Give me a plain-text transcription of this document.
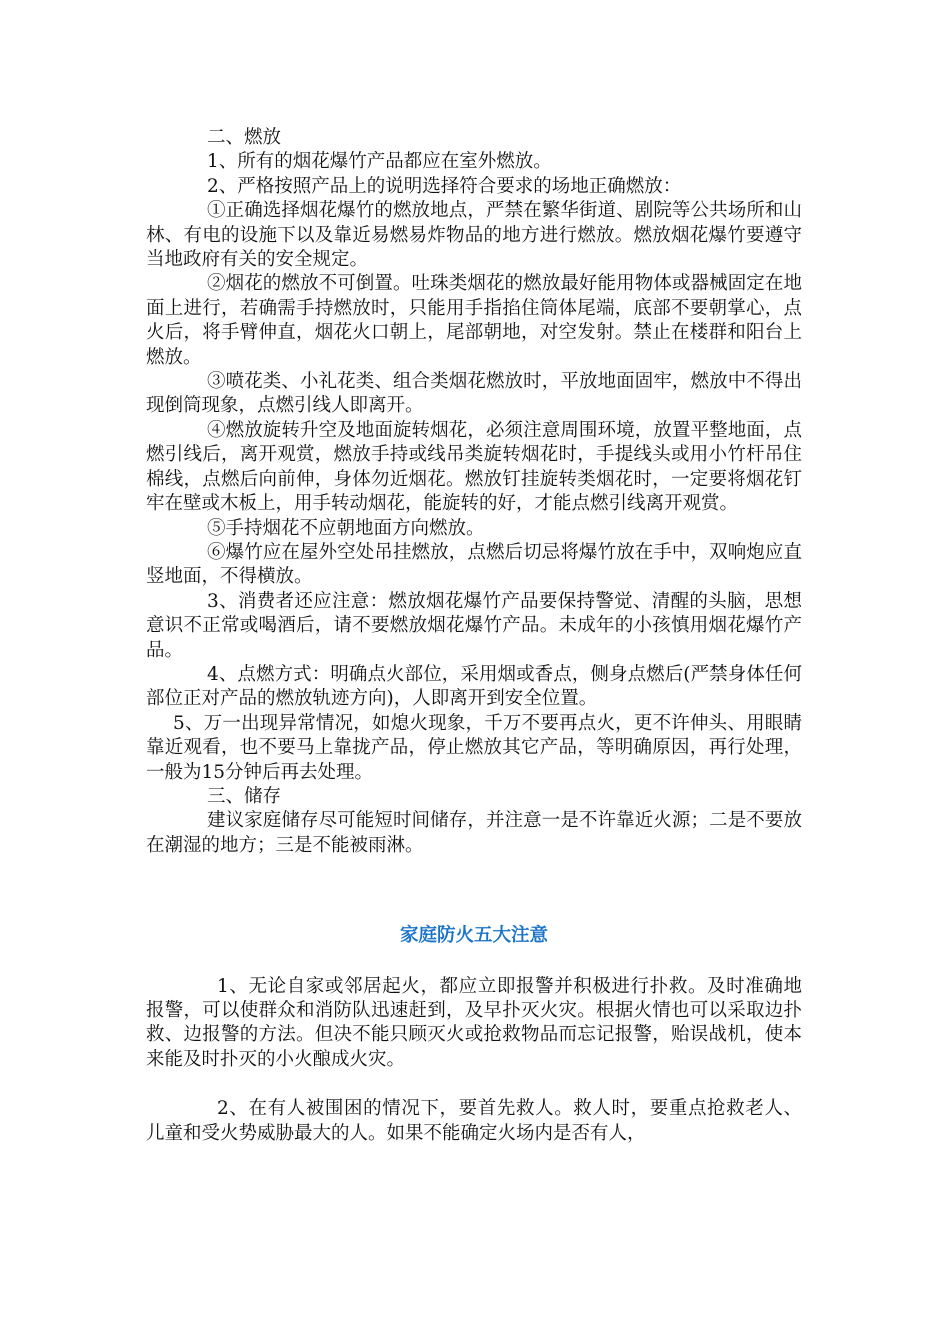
二、燃放

1、所有的烟花爆竹产品都应在室外燃放。

2、严格按照产品上的说明选择符合要求的场地正确燃放：

①正确选择烟花爆竹的燃放地点，严禁在繁华街道、剧院等公共场所和山林、有电的设施下以及靠近易燃易炸物品的地方进行燃放。燃放烟花爆竹要遵守当地政府有关的安全规定。

②烟花的燃放不可倒置。吐珠类烟花的燃放最好能用物体或器械固定在地面上进行，若确需手持燃放时，只能用手指掐住筒体尾端，底部不要朝掌心，点火后，将手臂伸直，烟花火口朝上，尾部朝地，对空发射。禁止在楼群和阳台上燃放。

③喷花类、小礼花类、组合类烟花燃放时，平放地面固牢，燃放中不得出现倒筒现象，点燃引线人即离开。

④燃放旋转升空及地面旋转烟花，必须注意周围环境，放置平整地面，点燃引线后，离开观赏，燃放手持或线吊类旋转烟花时，手提线头或用小竹杆吊住棉线，点燃后向前伸，身体勿近烟花。燃放钉挂旋转类烟花时，一定要将烟花钉牢在壁或木板上，用手转动烟花，能旋转的好，才能点燃引线离开观赏。

⑤手持烟花不应朝地面方向燃放。

⑥爆竹应在屋外空处吊挂燃放，点燃后切忌将爆竹放在手中，双响炮应直竖地面，不得横放。

3、消费者还应注意：燃放烟花爆竹产品要保持警觉、清醒的头脑，思想意识不正常或喝酒后，请不要燃放烟花爆竹产品。未成年的小孩慎用烟花爆竹产品。

4、点燃方式：明确点火部位，采用烟或香点，侧身点燃后(严禁身体任何部位正对产品的燃放轨迹方向)，人即离开到安全位置。

5、万一出现异常情况，如熄火现象，千万不要再点火，更不许伸头、用眼睛靠近观看，也不要马上靠拢产品，停止燃放其它产品，等明确原因，再行处理，一般为15分钟后再去处理。

三、储存

建议家庭储存尽可能短时间储存，并注意一是不许靠近火源；二是不要放在潮湿的地方；三是不能被雨淋。

家庭防火五大注意

1、无论自家或邻居起火，都应立即报警并积极进行扑救。及时准确地报警，可以使群众和消防队迅速赶到，及早扑灭火灾。根据火情也可以采取边扑救、边报警的方法。但决不能只顾灭火或抢救物品而忘记报警，贻误战机，使本来能及时扑灭的小火酿成火灾。

2、在有人被围困的情况下，要首先救人。救人时，要重点抢救老人、儿童和受火势威胁最大的人。如果不能确定火场内是否有人，
